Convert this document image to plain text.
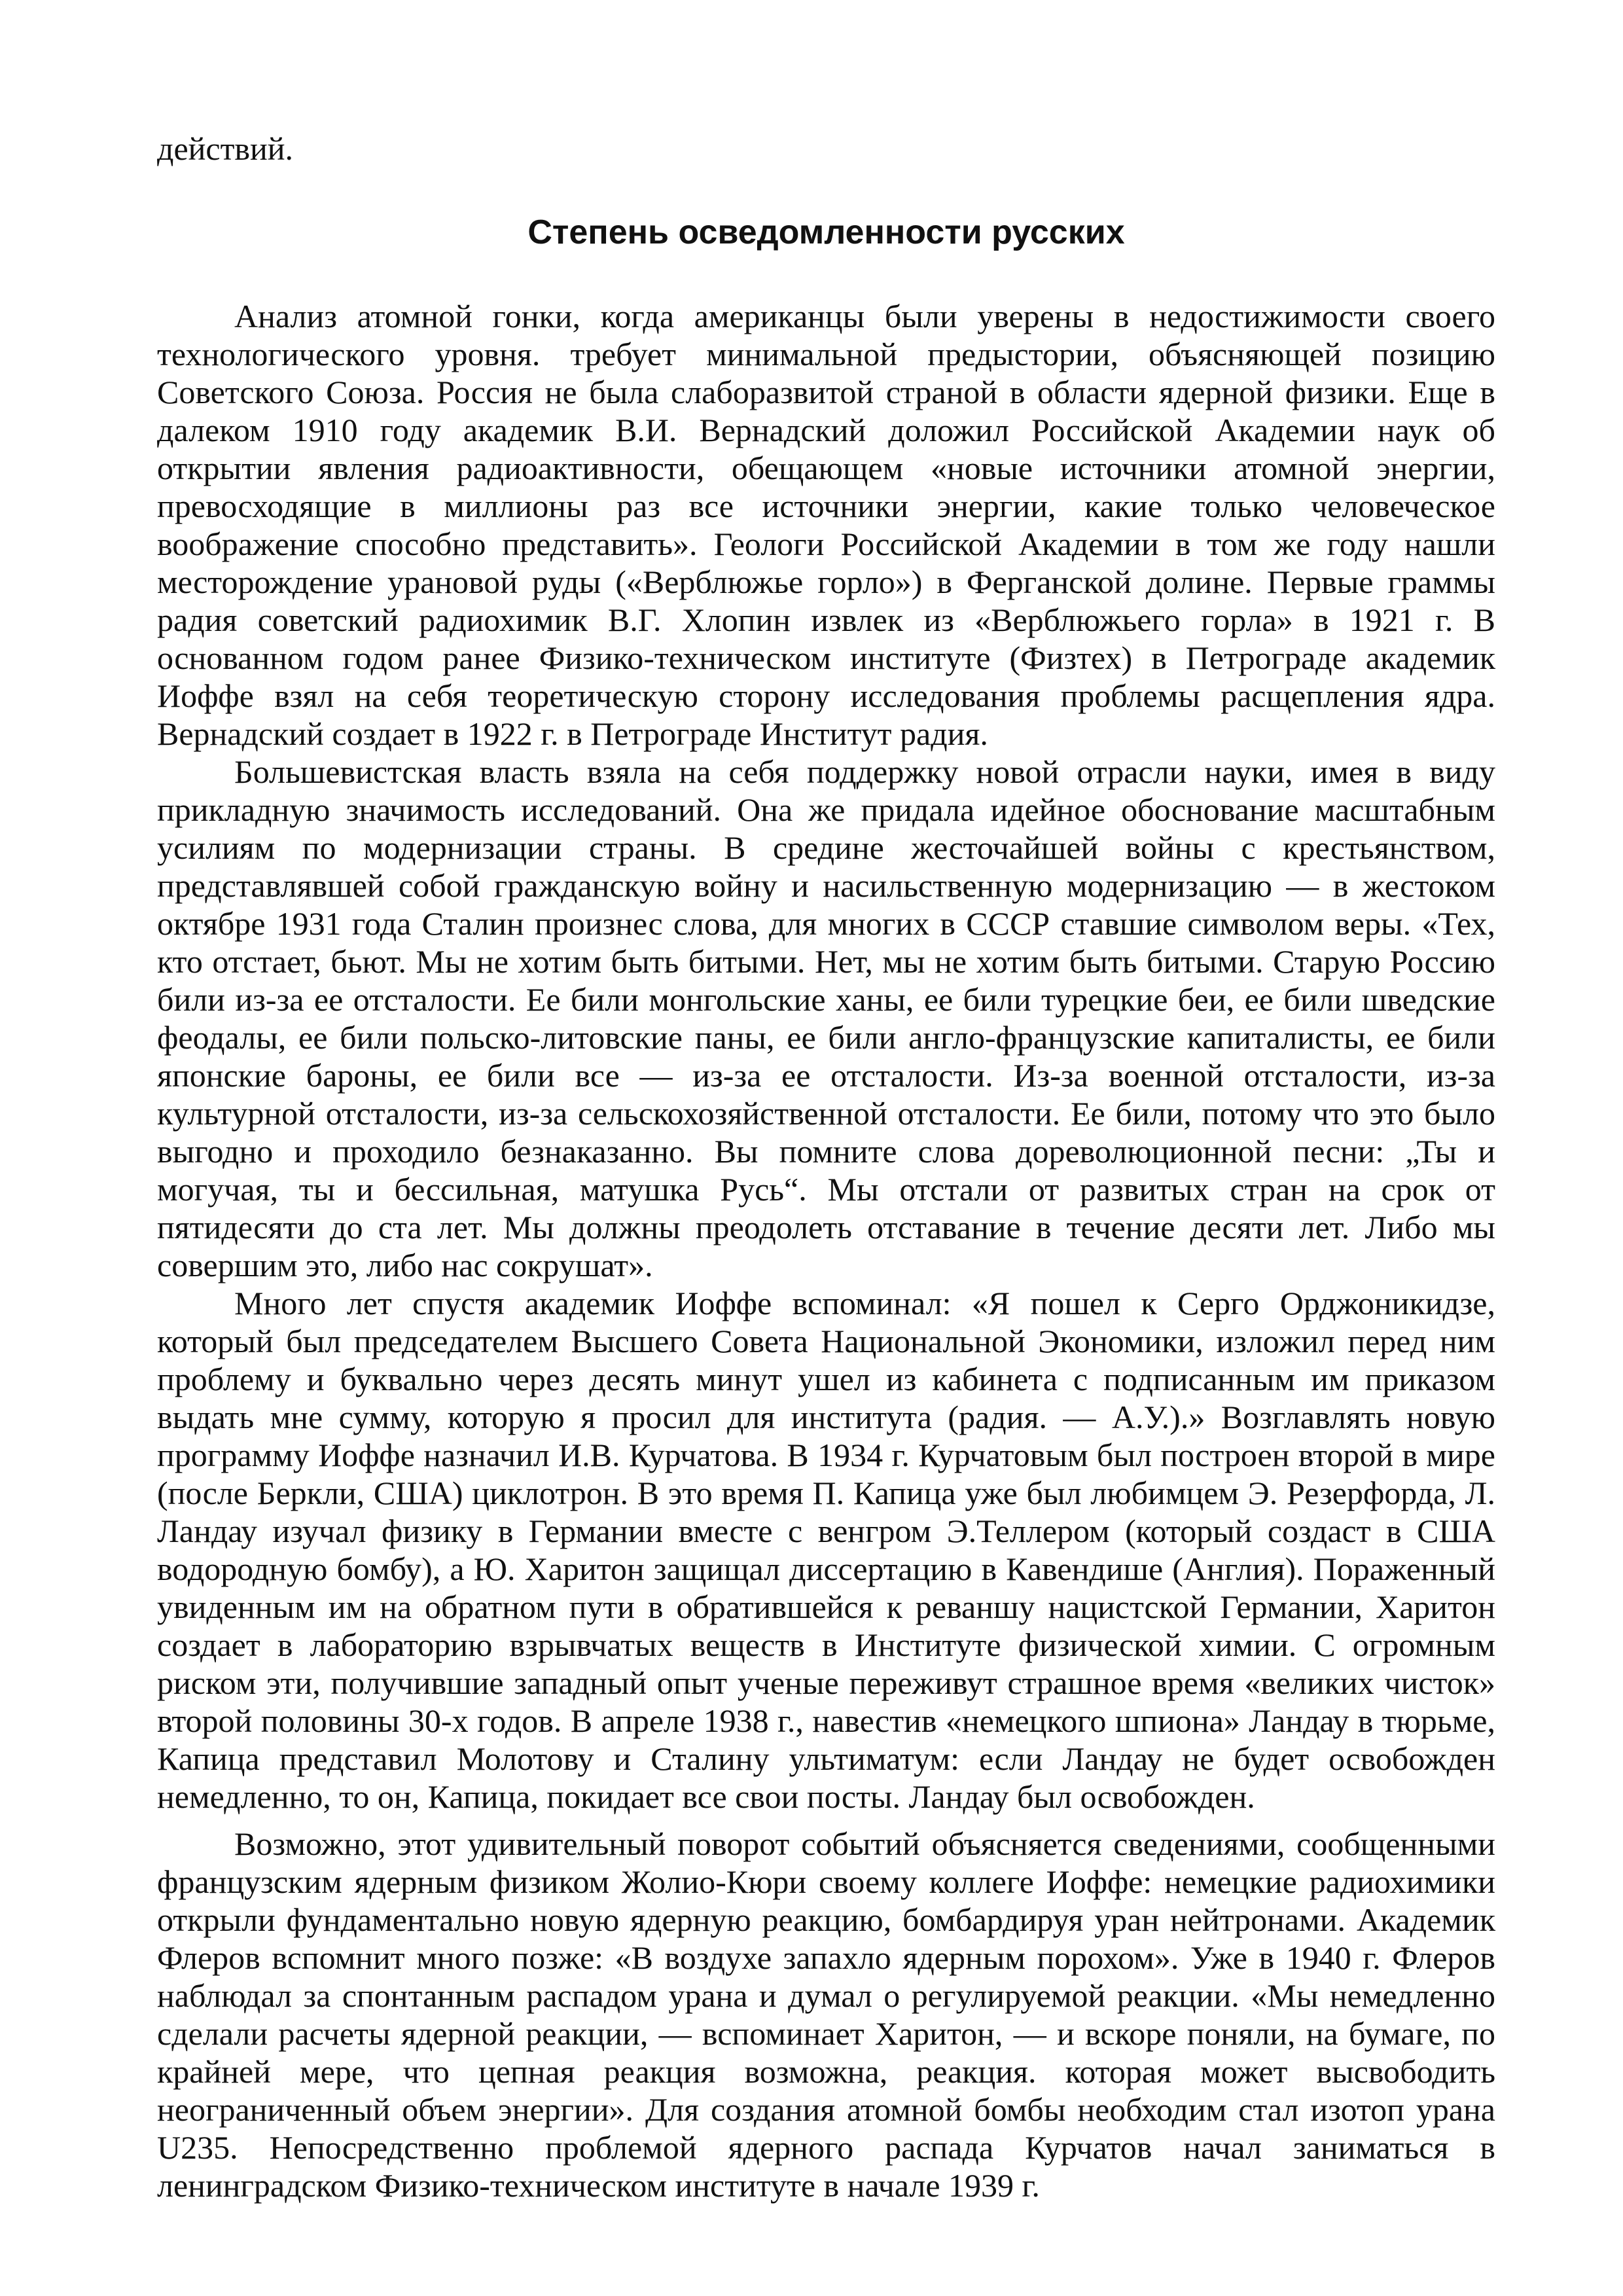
действий.

Степень осведомленности русских

Анализ атомной гонки, когда американцы были уверены в недостижимости своего технологического уровня. требует минимальной предыстории, объясняющей позицию Советского Союза. Россия не была слаборазвитой страной в области ядерной физики. Еще в далеком 1910 году академик В.И. Вернадский доложил Российской Академии наук об открытии явления радиоактивности, обещающем «новые источники атомной энергии, превосходящие в миллионы раз все источники энергии, какие только человеческое воображение способно представить». Геологи Российской Академии в том же году нашли месторождение урановой руды («Верблюжье горло») в Ферганской долине. Первые граммы радия советский радиохимик В.Г. Хлопин извлек из «Верблюжьего горла» в 1921 г. В основанном годом ранее Физико-техническом институте (Физтех) в Петрограде академик Иоффе взял на себя теоретическую сторону исследования проблемы расщепления ядра. Вернадский создает в 1922 г. в Петрограде Институт радия.

Большевистская власть взяла на себя поддержку новой отрасли науки, имея в виду прикладную значимость исследований. Она же придала идейное обоснование масштабным усилиям по модернизации страны. В средине жесточайшей войны с крестьянством, представлявшей собой гражданскую войну и насильственную модернизацию — в жестоком октябре 1931 года Сталин произнес слова, для многих в СССР ставшие символом веры. «Тех, кто отстает, бьют. Мы не хотим быть битыми. Нет, мы не хотим быть битыми. Старую Россию били из-за ее отсталости. Ее били монгольские ханы, ее били турецкие беи, ее били шведские феодалы, ее били польско-литовские паны, ее били англо-французские капиталисты, ее били японские бароны, ее били все — из-за ее отсталости. Из-за военной отсталости, из-за культурной отсталости, из-за сельскохозяйственной отсталости. Ее били, потому что это было выгодно и проходило безнаказанно. Вы помните слова дореволюционной песни: „Ты и могучая, ты и бессильная, матушка Русь“. Мы отстали от развитых стран на срок от пятидесяти до ста лет. Мы должны преодолеть отставание в течение десяти лет. Либо мы совершим это, либо нас сокрушат».

Много лет спустя академик Иоффе вспоминал: «Я пошел к Серго Орджоникидзе, который был председателем Высшего Совета Национальной Экономики, изложил перед ним проблему и буквально через десять минут ушел из кабинета с подписанным им приказом выдать мне сумму, которую я просил для института (радия. — А.У.).» Возглавлять новую программу Иоффе назначил И.В. Курчатова. В 1934 г. Курчатовым был построен второй в мире (после Беркли, США) циклотрон. В это время П. Капица уже был любимцем Э. Резерфорда, Л. Ландау изучал физику в Германии вместе с венгром Э.Теллером (который создаст в США водородную бомбу), а Ю. Харитон защищал диссертацию в Кавендише (Англия). Пораженный увиденным им на обратном пути в обратившейся к реваншу нацистской Германии, Харитон создает в лабораторию взрывчатых веществ в Институте физической химии. С огромным риском эти, получившие западный опыт ученые переживут страшное время «великих чисток» второй половины 30-х годов. В апреле 1938 г., навестив «немецкого шпиона» Ландау в тюрьме, Капица представил Молотову и Сталину ультиматум: если Ландау не будет освобожден немедленно, то он, Капица, покидает все свои посты. Ландау был освобожден.

Возможно, этот удивительный поворот событий объясняется сведениями, сообщенными французским ядерным физиком Жолио-Кюри своему коллеге Иоффе: немецкие радиохимики открыли фундаментально новую ядерную реакцию, бомбардируя уран нейтронами. Академик Флеров вспомнит много позже: «В воздухе запахло ядерным порохом». Уже в 1940 г. Флеров наблюдал за спонтанным распадом урана и думал о регулируемой реакции. «Мы немедленно сделали расчеты ядерной реакции, — вспоминает Харитон, — и вскоре поняли, на бумаге, по крайней мере, что цепная реакция возможна, реакция. которая может высвободить неограниченный объем энергии». Для создания атомной бомбы необходим стал изотоп урана U235. Непосредственно проблемой ядерного распада Курчатов начал заниматься в ленинградском Физико-техническом институте в начале 1939 г.
